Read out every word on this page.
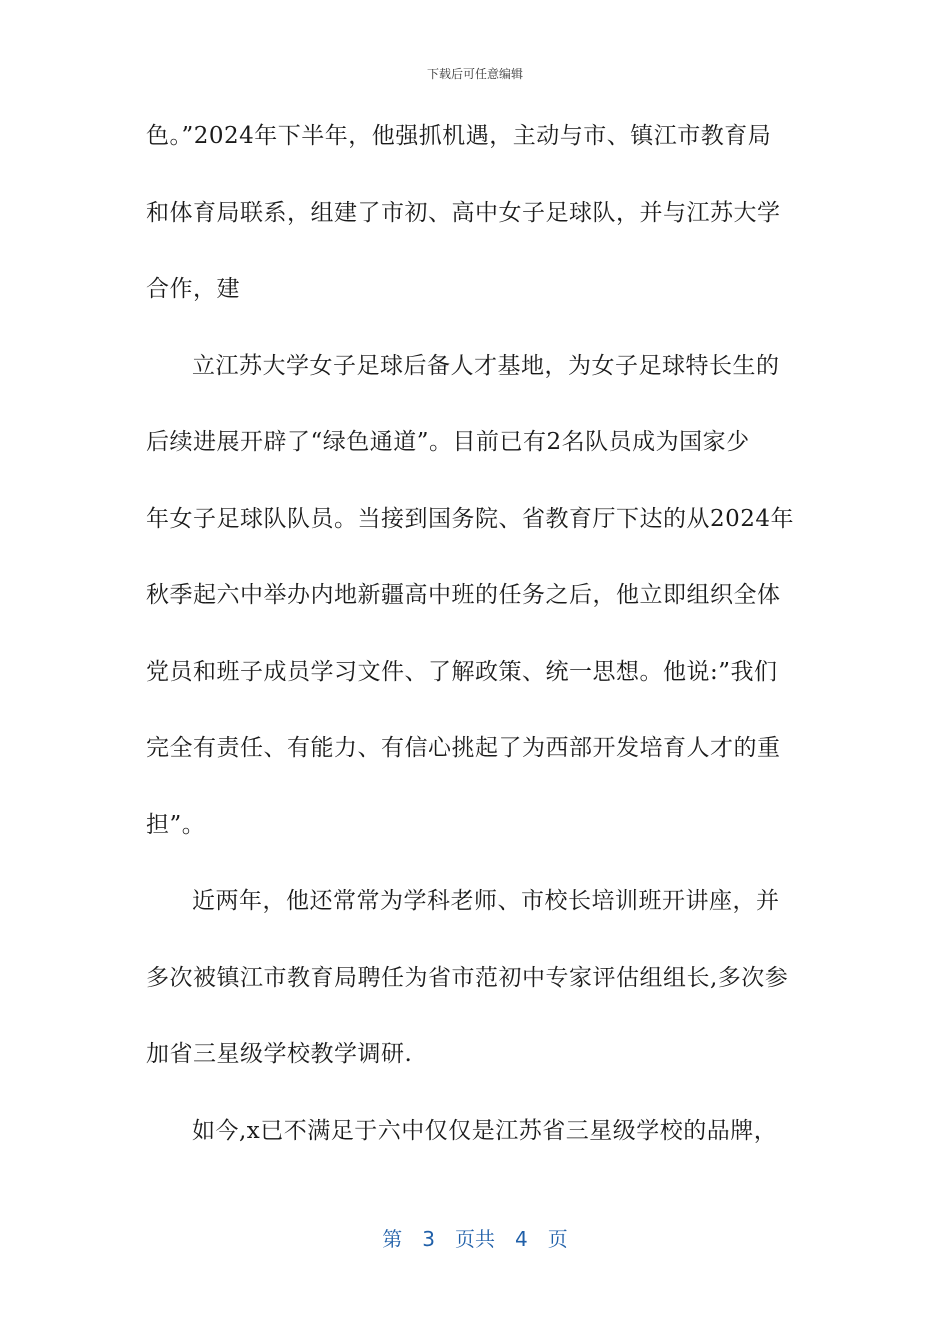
下载后可任意编辑
色。”2024年下半年，他强抓机遇，主动与市、镇江市教育局
和体育局联系，组建了市初、高中女子足球队，并与江苏大学
合作，建
立江苏大学女子足球后备人才基地，为女子足球特长生的
后续进展开辟了“绿色通道”。目前已有2名队员成为国家少
年女子足球队队员。当接到国务院、省教育厅下达的从2024年
秋季起六中举办内地新疆高中班的任务之后，他立即组织全体
党员和班子成员学习文件、了解政策、统一思想。他说:”我们
完全有责任、有能力、有信心挑起了为西部开发培育人才的重
担”。
近两年，他还常常为学科老师、市校长培训班开讲座，并
多次被镇江市教育局聘任为省市范初中专家评估组组长,多次参
加省三星级学校教学调研.
如今,x已不满足于六中仅仅是江苏省三星级学校的品牌，
第 3 页共 4 页
